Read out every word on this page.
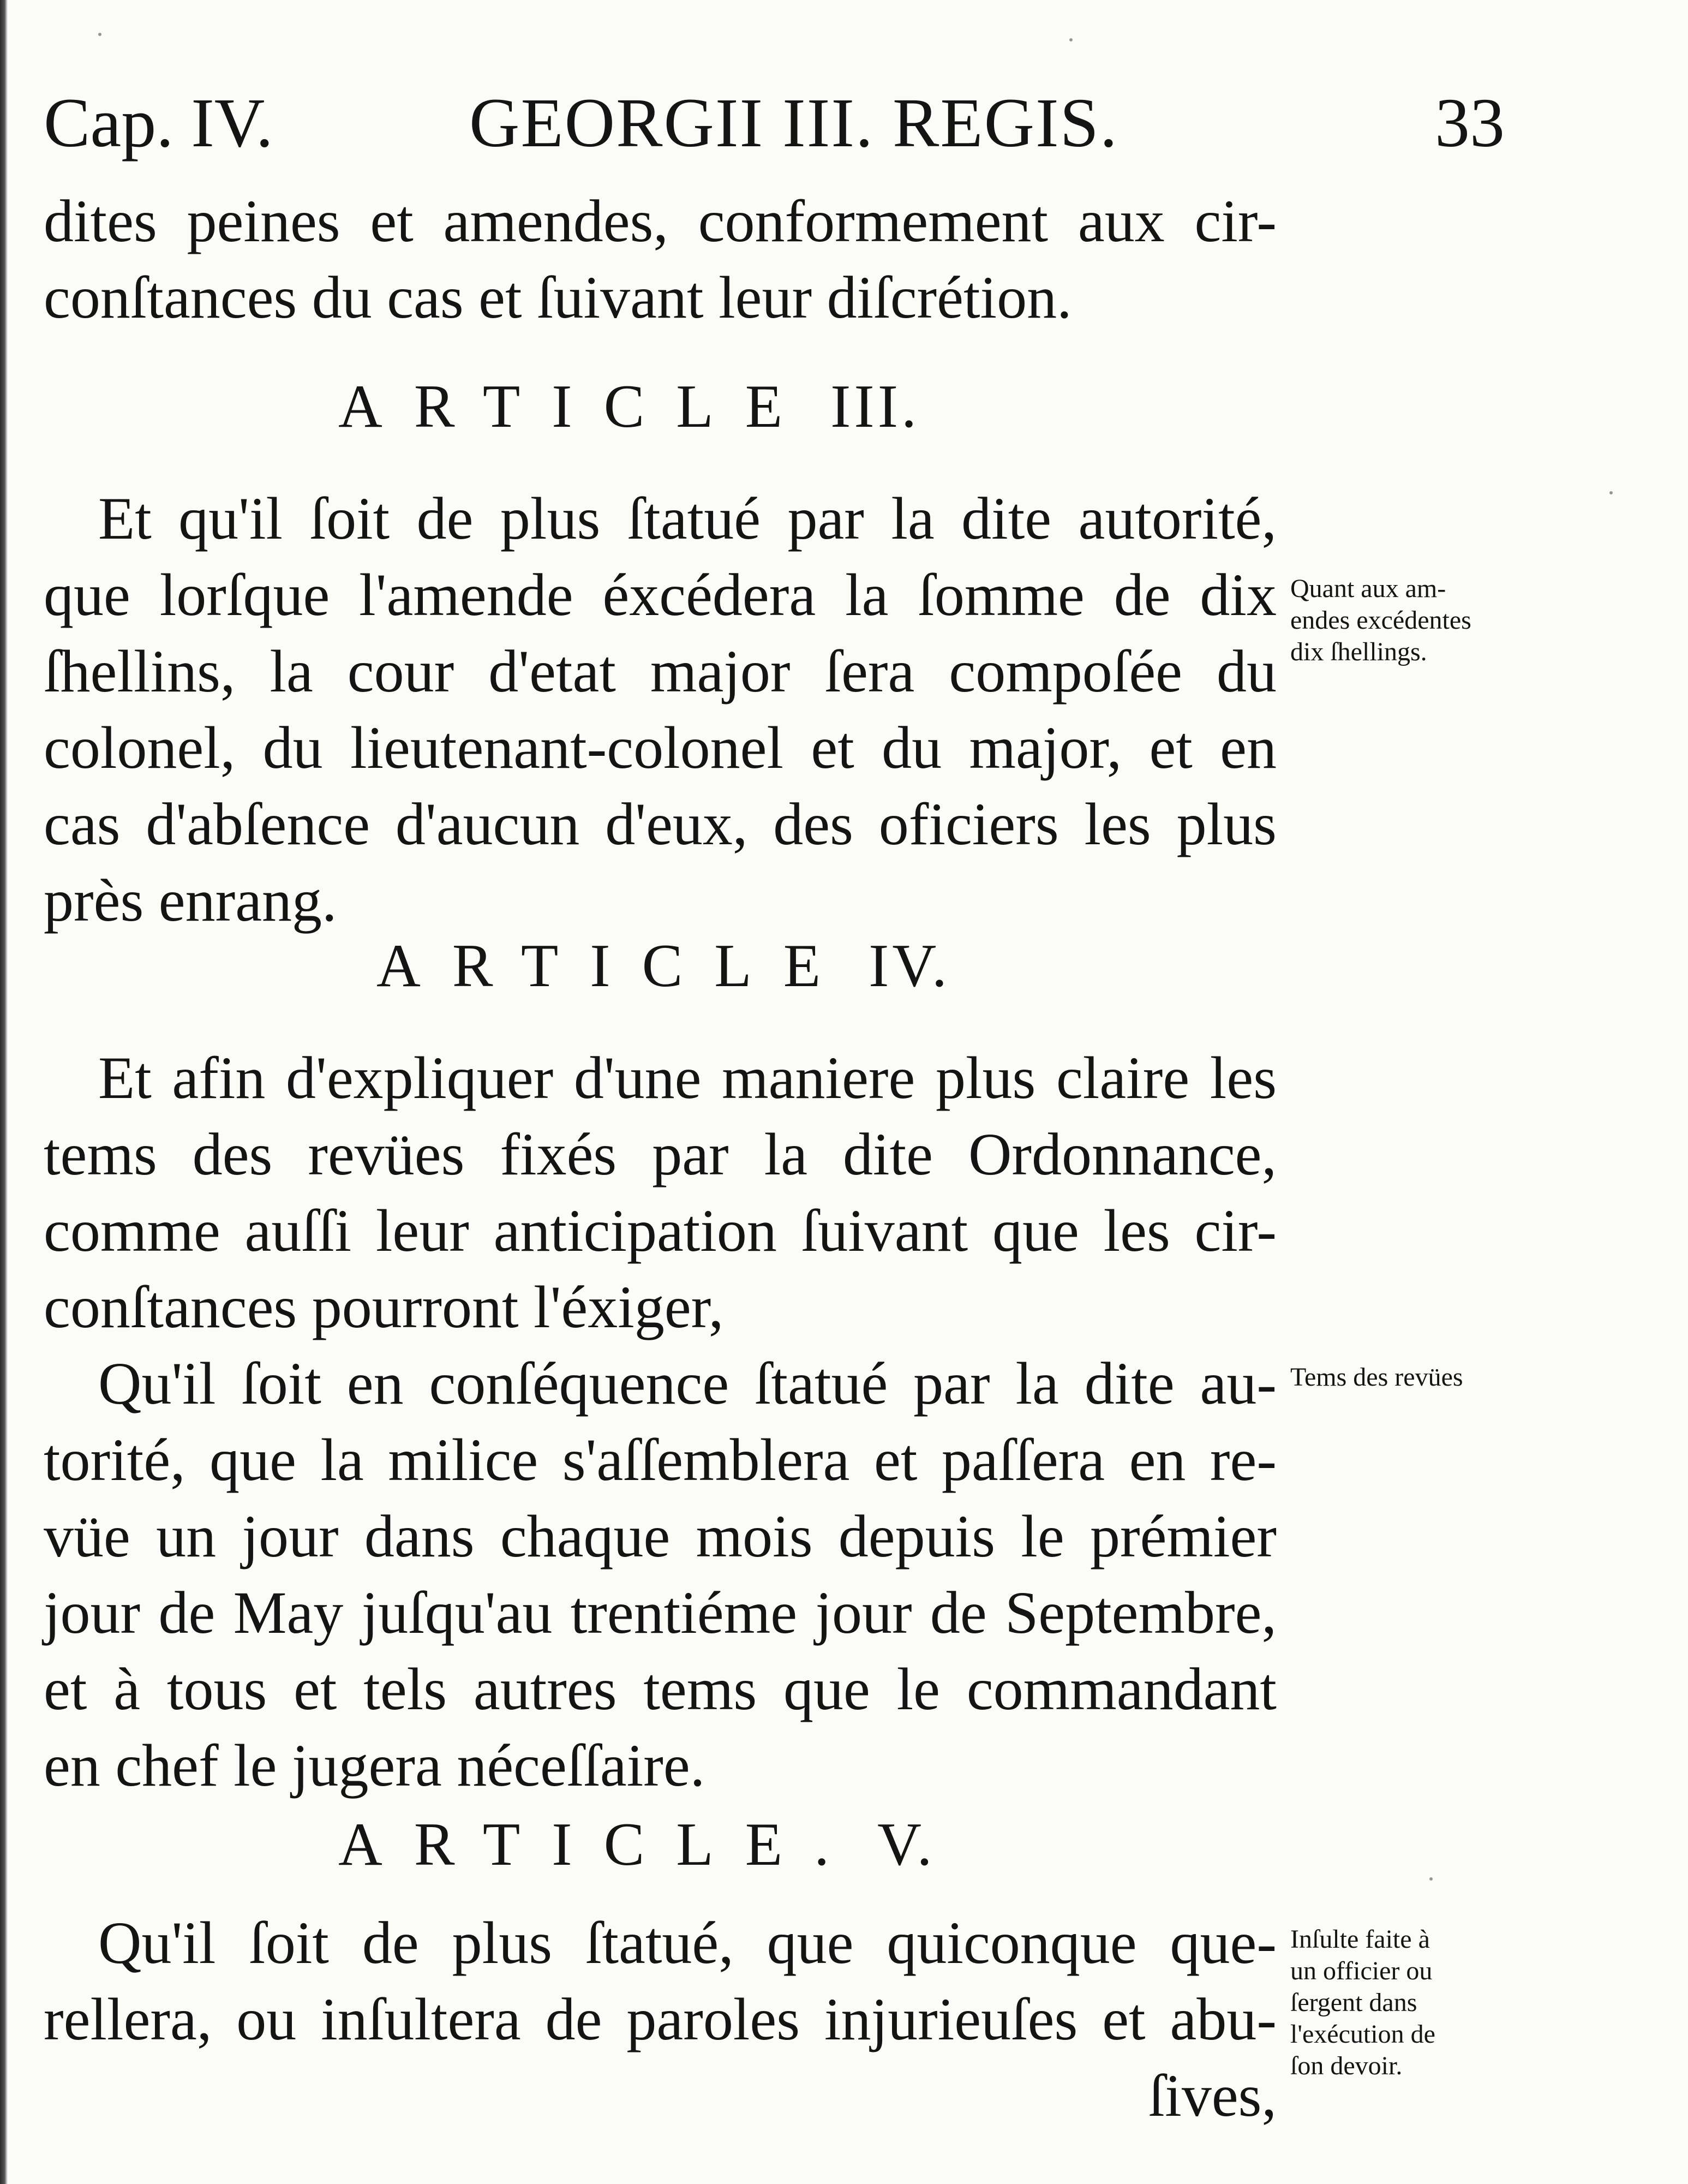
Cap. IV.	GEORGII III. REGIS.	33
dites peines et amendes, conformement aux cir-
conſtances du cas et ſuivant leur diſcrétion.
ARTICLE III.
Et qu'il ſoit de plus ſtatué par la dite autorité,
que lorſque l'amende éxcédera la ſomme de dix
ſhellins, la cour d'etat major ſera compoſée du
colonel, du lieutenant-colonel et du major, et en
cas d'abſence d'aucun d'eux, des oficiers les plus
près enrang.
ARTICLE IV.
Et afin d'expliquer d'une maniere plus claire les
tems des revües fixés par la dite Ordonnance,
comme auſſi leur anticipation ſuivant que les cir-
conſtances pourront l'éxiger,
Qu'il ſoit en conſéquence ſtatué par la dite au-
torité, que la milice s'aſſemblera et paſſera en re-
vüe un jour dans chaque mois depuis le prémier
jour de May juſqu'au trentiéme jour de Septembre,
et à tous et tels autres tems que le commandant
en chef le jugera néceſſaire.
ARTICLE. V.
Qu'il ſoit de plus ſtatué, que quiconque que-
rellera, ou inſultera de paroles injurieuſes et abu-
ſives,
Quant aux am-
endes excédentes
dix ſhellings.
Tems des revües
Inſulte faite à
un officier ou
ſergent dans
l'exécution de
ſon devoir.
